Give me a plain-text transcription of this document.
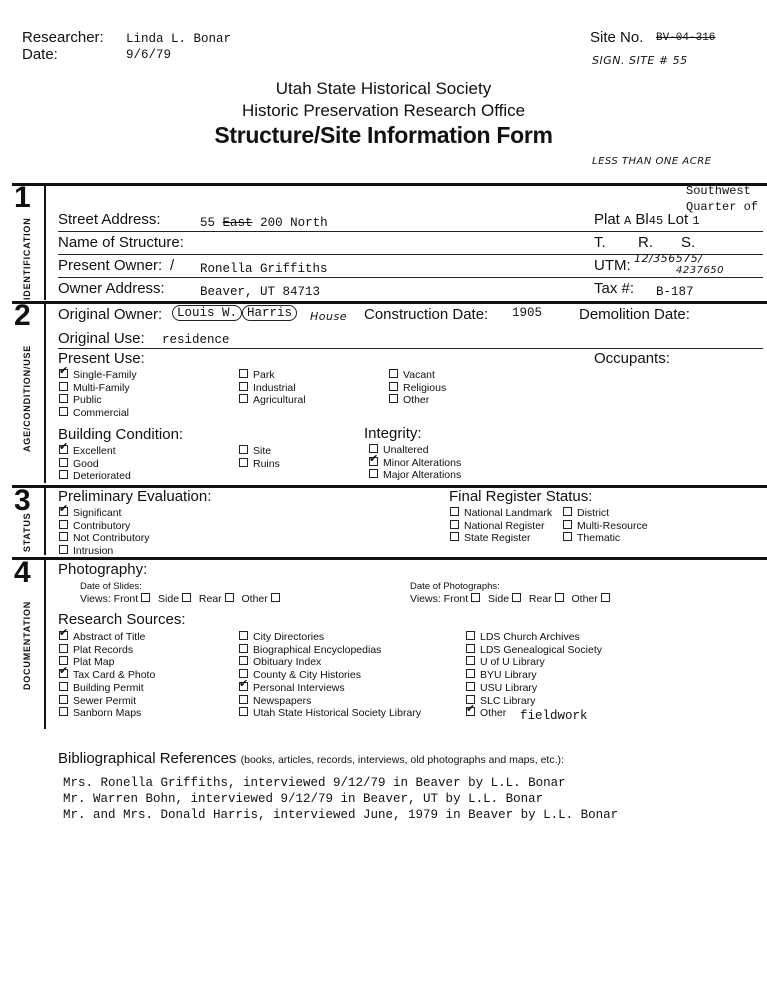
Researcher: Linda L. Bonar
Date:	9/6/79
Site No. BV-04-316
SIGN. SITE # 55
Utah State Historical Society
Historic Preservation Research Office
Structure/Site Information Form
LESS THAN ONE ACRE
1
IDENTIFICATION
Southwest
Quarter of
Street Address:	55 East 200 North	Plat A Bl45 Lot 1
Name of Structure:	T. R. S.
Present Owner: / Ronella Griffiths	UTM: 12/356575/
4237650
Owner Address:	Beaver, UT 84713	Tax #: B-187
2
AGE/CONDITION/USE
Original Owner:	Louis W. Harris	House Construction Date: 1905 Demolition Date:
Original Use: residence
Present Use:	Occupants:
✔Single-Family
Multi-Family
Public
Commercial
Park
Industrial
Agricultural
Vacant
Religious
Other
Building Condition:	Integrity:
✔Excellent
Good
Deteriorated
Site
Ruins
Unaltered
✔Minor Alterations
Major Alterations
3
STATUS
Preliminary Evaluation:	Final Register Status:
✔Significant
Contributory
Not Contributory
Intrusion
National Landmark
National Register
State Register
District
Multi-Resource
Thematic
4
DOCUMENTATION
Photography:
Date of Slides:	Date of Photographs:
Views: Front Side Rear Other	Views: Front Side Rear Other
Research Sources:
✔Abstract of Title
Plat Records
Plat Map
✔Tax Card & Photo
Building Permit
Sewer Permit
Sanborn Maps
City Directories
Biographical Encyclopedias
Obituary Index
County & City Histories
✔Personal Interviews
Newspapers
Utah State Historical Society Library
LDS Church Archives
LDS Genealogical Society
U of U Library
BYU Library
USU Library
SLC Library
✔Other	fieldwork
Bibliographical References (books, articles, records, interviews, old photographs and maps, etc.):
Mrs. Ronella Griffiths, interviewed 9/12/79 in Beaver by L.L. Bonar
Mr. Warren Bohn, interviewed 9/12/79 in Beaver, UT by L.L. Bonar
Mr. and Mrs. Donald Harris, interviewed June, 1979 in Beaver by L.L. Bonar
